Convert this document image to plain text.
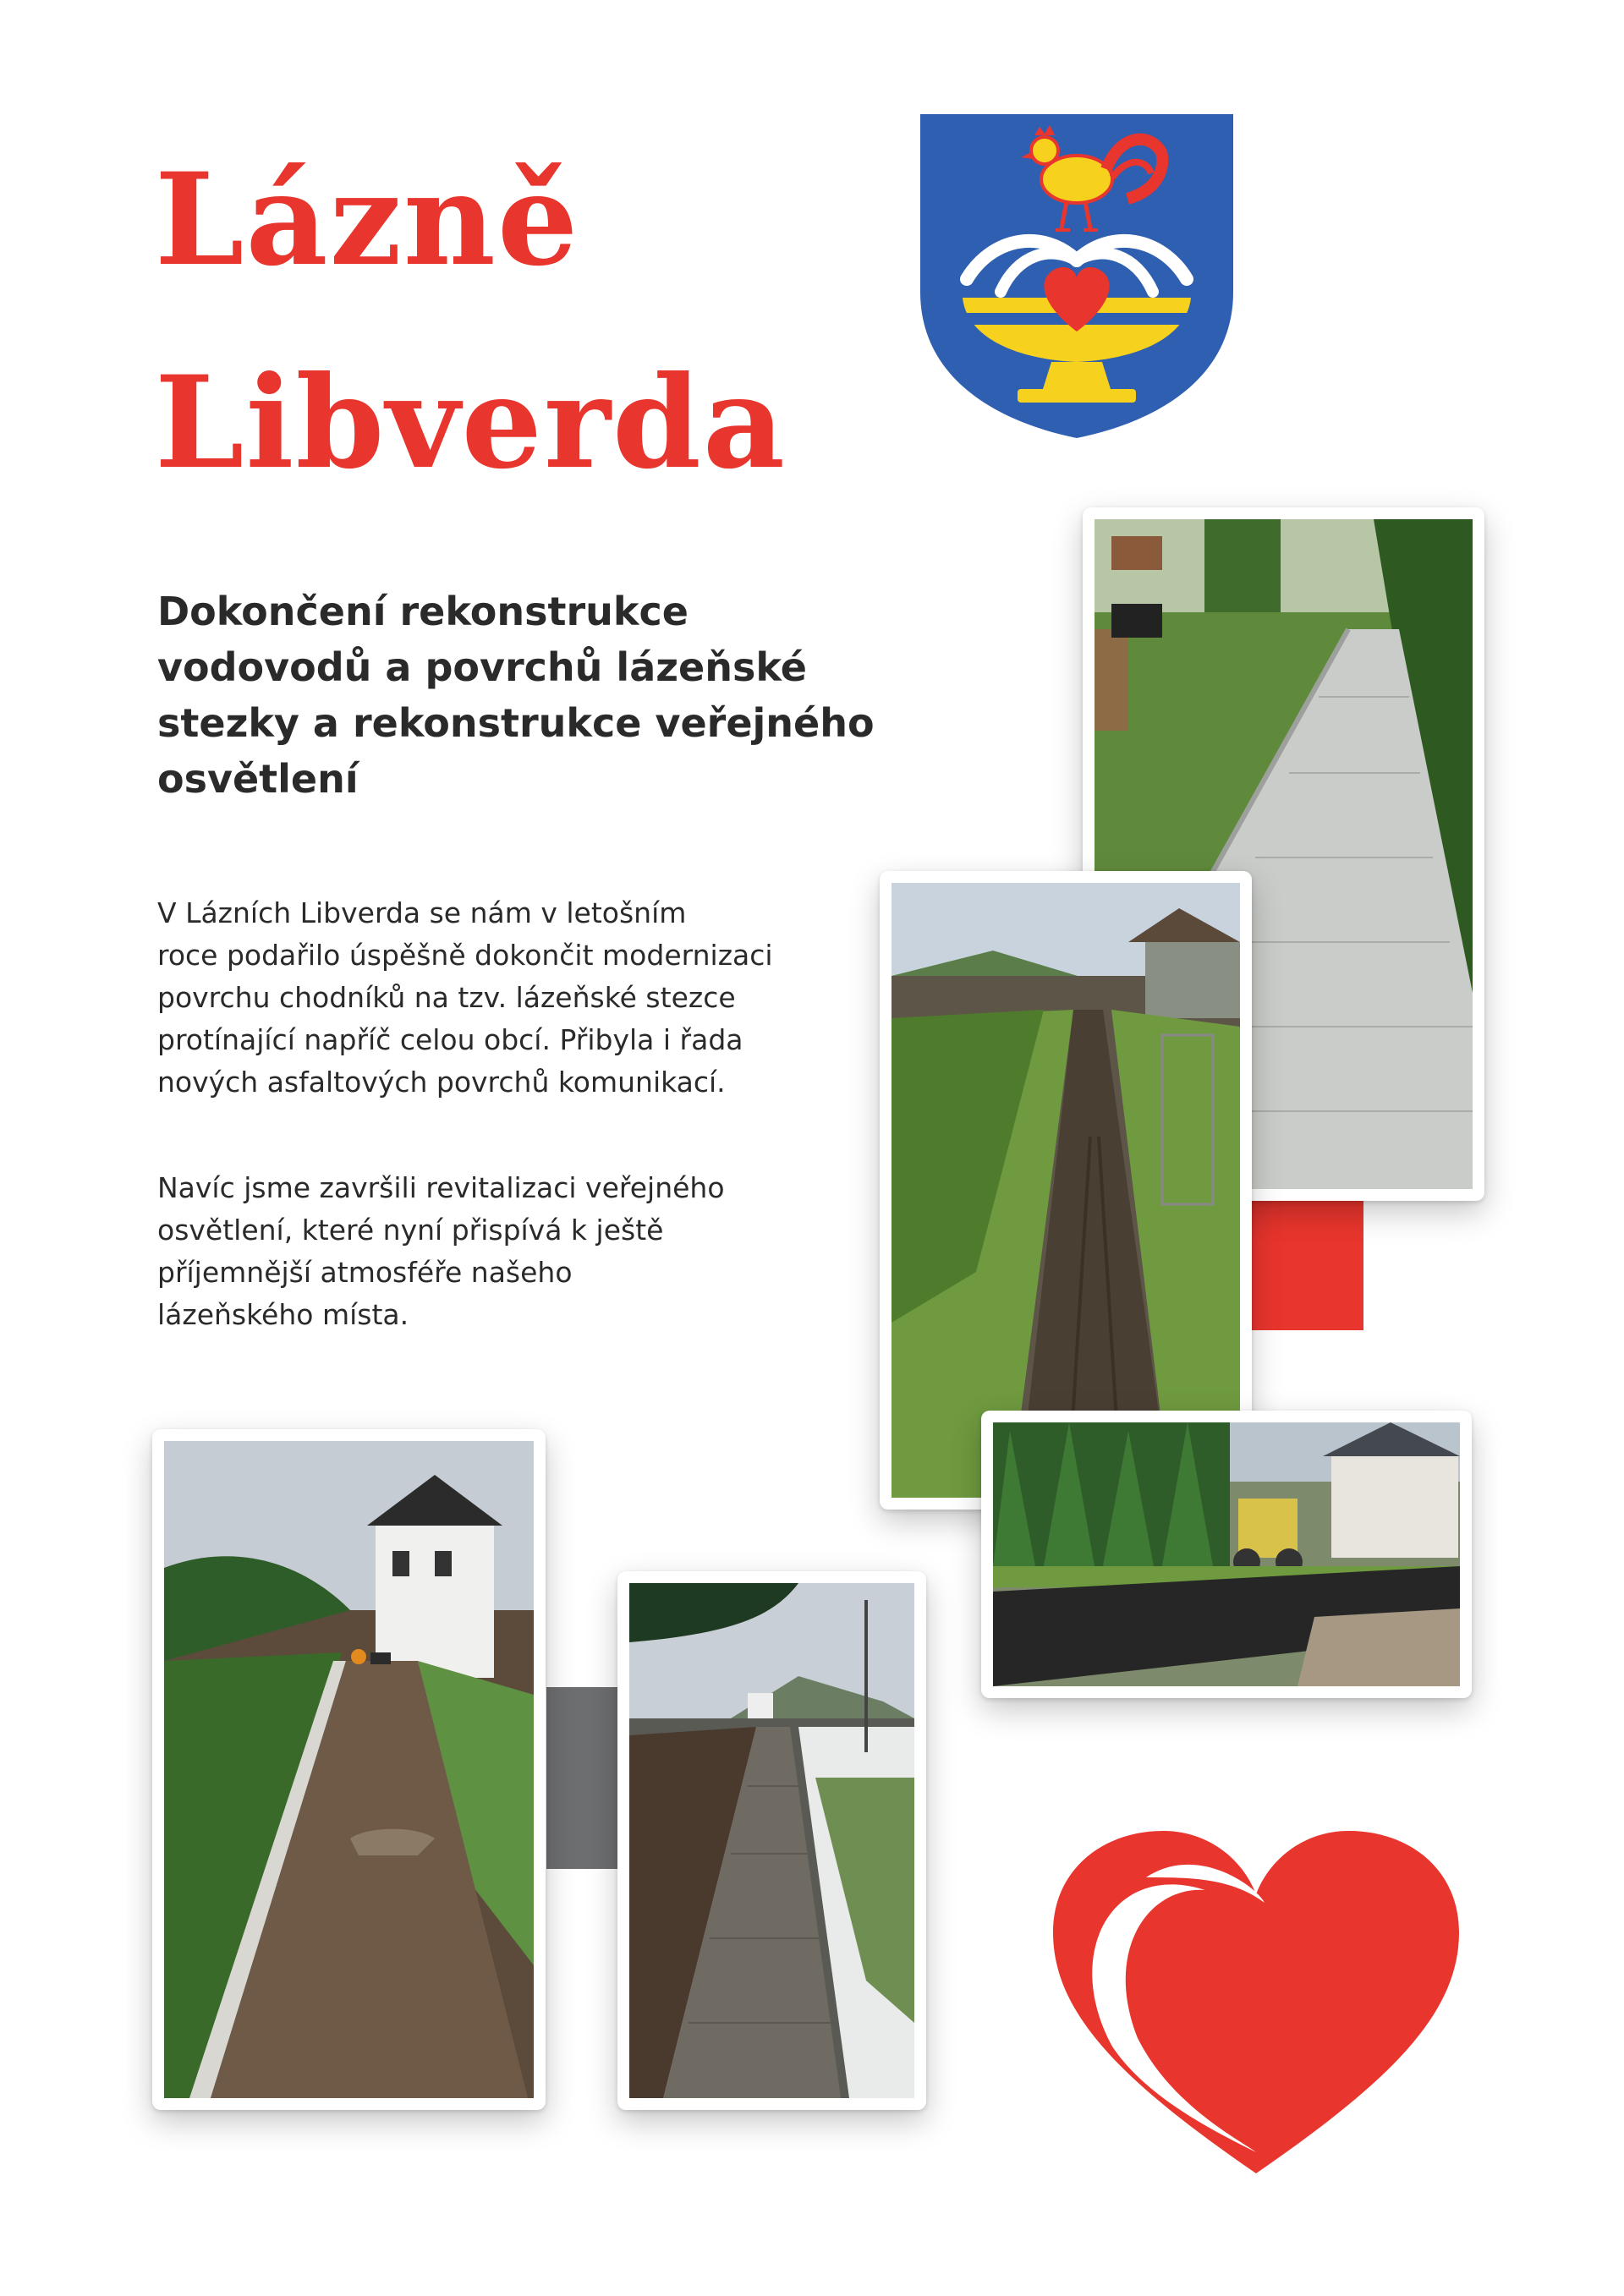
Lázně
Libverda
Dokončení rekonstrukce
vodovodů a povrchů lázeňské
stezky a rekonstrukce veřejného
osvětlení

V Lázních Libverda se nám v letošním
roce podařilo úspěšně dokončit modernizaci
povrchu chodníků na tzv. lázeňské stezce
protínající napříč celou obcí. Přibyla i řada
nových asfaltových povrchů komunikací.

Navíc jsme završili revitalizaci veřejného
osvětlení, které nyní přispívá k ještě
příjemnější atmosféře našeho
lázeňského místa.
